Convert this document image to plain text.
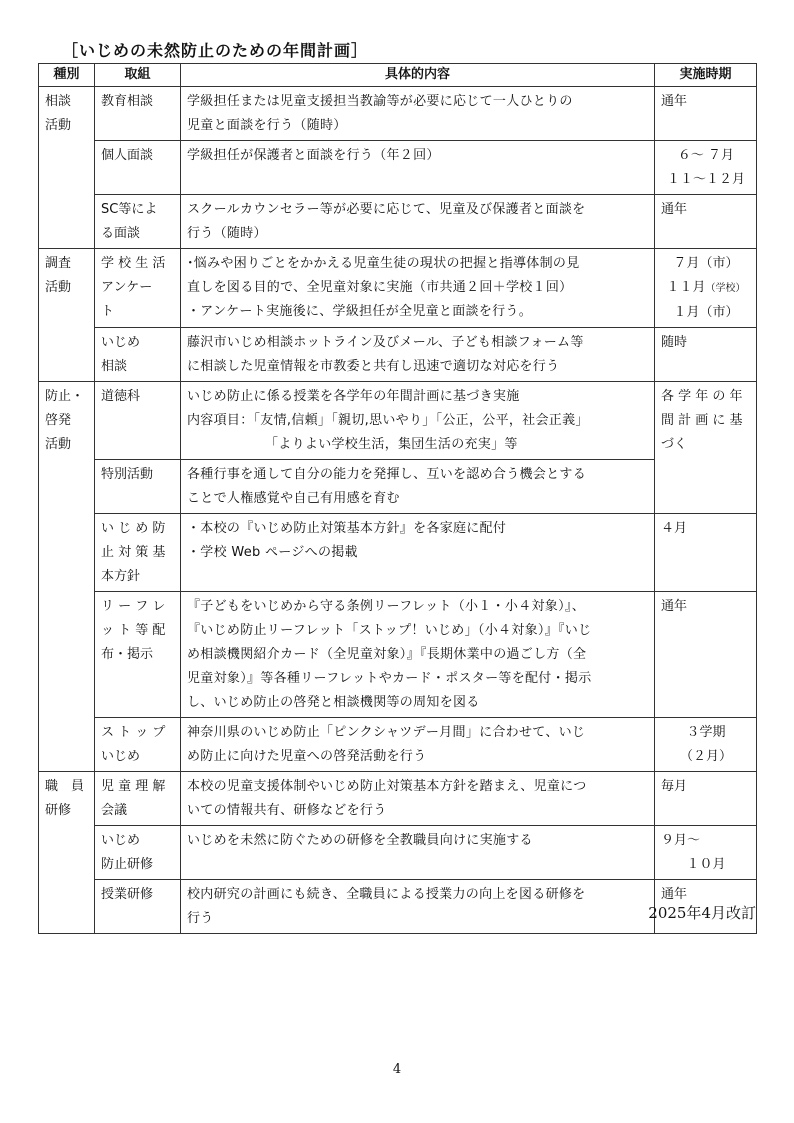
［いじめの未然防止のための年間計画］
種別	取組	具体的内容	実施時期

相談
活動	教育相談	学級担任または児童支援担当教諭等が必要に応じて一人ひとりの
児童と面談を行う（随時）	通年

	個人面談	学級担任が保護者と面談を行う（年２回）	６～ ７月
１１～１２月

	SC等によ
る面談	スクールカウンセラー等が必要に応じて、児童及び保護者と面談を
行う（随時）	通年

調査
活動	学 校 生 活
アンケー
ト	･悩みや困りごとをかかえる児童生徒の現状の把握と指導体制の見
直しを図る目的で、全児童対象に実施（市共通２回＋学校１回）
・アンケート実施後に、学級担任が全児童と面談を行う。	７月（市）
１１月（学校）
１月（市）

	いじめ
相談	藤沢市いじめ相談ホットライン及びメール、子ども相談フォーム等
に相談した児童情報を市教委と共有し迅速で適切な対応を行う	随時

防止・
啓発
活動	道徳科	いじめ防止に係る授業を各学年の年間計画に基づき実施
内容項目：「友情,信頼」「親切,思いやり」「公正，公平，社会正義」
「よりよい学校生活，集団生活の充実」等	各 学 年 の 年
間 計 画 に 基
づく

	特別活動	各種行事を通して自分の能力を発揮し、互いを認め合う機会とする
ことで人権感覚や自己有用感を育む	

	い じ め 防
止 対 策 基
本方針	・本校の『いじめ防止対策基本方針』を各家庭に配付
・学校 Web ページへの掲載	４月

	リ ー フ レ
ッ ト 等 配
布・掲示	『子どもをいじめから守る条例リーフレット（小１・小４対象）』、
『いじめ防止リーフレット「ストップ！いじめ」（小４対象）』『いじ
め相談機関紹介カード（全児童対象）』『長期休業中の過ごし方（全
児童対象）』等各種リーフレットやカード・ポスター等を配付・掲示
し、いじめ防止の啓発と相談機関等の周知を図る	通年

	ス ト ッ プ
いじめ	神奈川県のいじめ防止「ピンクシャツデー月間」に合わせて、いじ
め防止に向けた児童への啓発活動を行う	３学期
（２月）

職　員
研修	児 童 理 解
会議	本校の児童支援体制やいじめ防止対策基本方針を踏まえ、児童につ
いての情報共有、研修などを行う	毎月

	いじめ
防止研修	いじめを未然に防ぐための研修を全教職員向けに実施する	９月～
１０月

	授業研修	校内研究の計画にも続き、全職員による授業力の向上を図る研修を
行う	通年
2025年4月改訂
4
